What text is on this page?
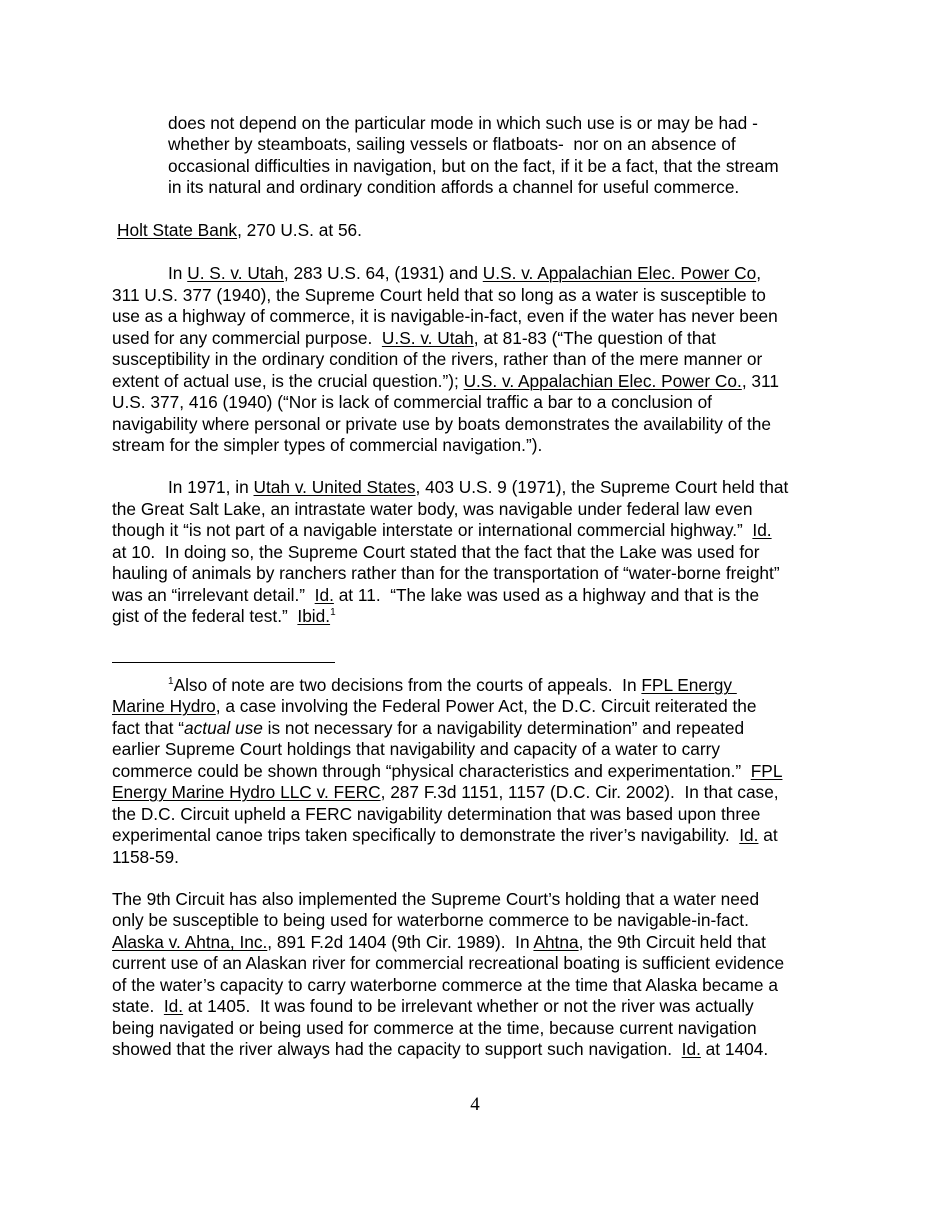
does not depend on the particular mode in which such use is or may be had -
whether by steamboats, sailing vessels or flatboats-  nor on an absence of
occasional difficulties in navigation, but on the fact, if it be a fact, that the stream
in its natural and ordinary condition affords a channel for useful commerce.
Holt State Bank, 270 U.S. at 56.
In U. S. v. Utah, 283 U.S. 64, (1931) and U.S. v. Appalachian Elec. Power Co,
311 U.S. 377 (1940), the Supreme Court held that so long as a water is susceptible to
use as a highway of commerce, it is navigable-in-fact, even if the water has never been
used for any commercial purpose.  U.S. v. Utah, at 81-83 (“The question of that
susceptibility in the ordinary condition of the rivers, rather than of the mere manner or
extent of actual use, is the crucial question.”); U.S. v. Appalachian Elec. Power Co., 311
U.S. 377, 416 (1940) (“Nor is lack of commercial traffic a bar to a conclusion of
navigability where personal or private use by boats demonstrates the availability of the
stream for the simpler types of commercial navigation.”).
In 1971, in Utah v. United States, 403 U.S. 9 (1971), the Supreme Court held that
the Great Salt Lake, an intrastate water body, was navigable under federal law even
though it “is not part of a navigable interstate or international commercial highway.”  Id.
at 10.  In doing so, the Supreme Court stated that the fact that the Lake was used for
hauling of animals by ranchers rather than for the transportation of “water-borne freight”
was an “irrelevant detail.”  Id. at 11.  “The lake was used as a highway and that is the
gist of the federal test.”  Ibid.$^1$
$^1$Also of note are two decisions from the courts of appeals.  In FPL Energy
Marine Hydro, a case involving the Federal Power Act, the D.C. Circuit reiterated the
fact that “actual use is not necessary for a navigability determination” and repeated
earlier Supreme Court holdings that navigability and capacity of a water to carry
commerce could be shown through “physical characteristics and experimentation.”  FPL
Energy Marine Hydro LLC v. FERC, 287 F.3d 1151, 1157 (D.C. Cir. 2002).  In that case,
the D.C. Circuit upheld a FERC navigability determination that was based upon three
experimental canoe trips taken specifically to demonstrate the river’s navigability.  Id. at
1158-59.
The 9th Circuit has also implemented the Supreme Court’s holding that a water need
only be susceptible to being used for waterborne commerce to be navigable-in-fact.
Alaska v. Ahtna, Inc., 891 F.2d 1404 (9th Cir. 1989).  In Ahtna, the 9th Circuit held that
current use of an Alaskan river for commercial recreational boating is sufficient evidence
of the water’s capacity to carry waterborne commerce at the time that Alaska became a
state.  Id. at 1405.  It was found to be irrelevant whether or not the river was actually
being navigated or being used for commerce at the time, because current navigation
showed that the river always had the capacity to support such navigation.  Id. at 1404.
4
